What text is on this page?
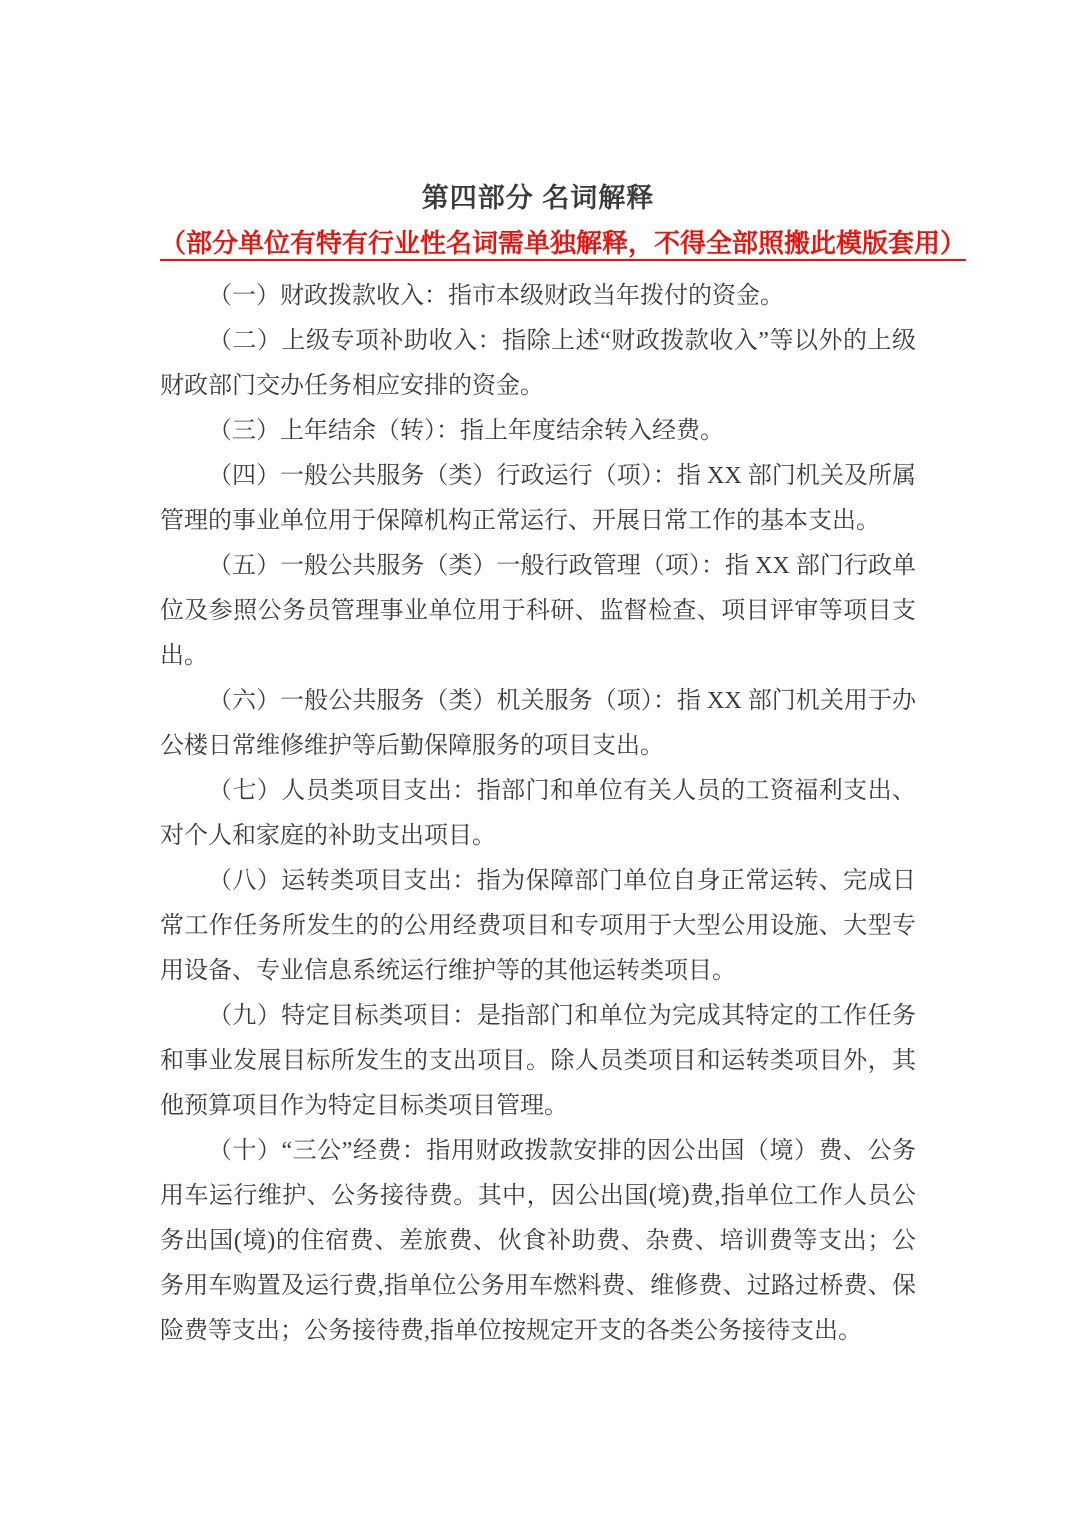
第四部分 名词解释
（部分单位有特有行业性名词需单独解释，不得全部照搬此模版套用）

（一）财政拨款收入：指市本级财政当年拨付的资金。

（二）上级专项补助收入：指除上述“财政拨款收入”等以外的上级财政部门交办任务相应安排的资金。

（三）上年结余（转）：指上年度结余转入经费。

（四）一般公共服务（类）行政运行（项）：指 XX 部门机关及所属管理的事业单位用于保障机构正常运行、开展日常工作的基本支出。

（五）一般公共服务（类）一般行政管理（项）：指 XX 部门行政单位及参照公务员管理事业单位用于科研、监督检查、项目评审等项目支出。

（六）一般公共服务（类）机关服务（项）：指 XX 部门机关用于办公楼日常维修维护等后勤保障服务的项目支出。

（七）人员类项目支出：指部门和单位有关人员的工资福利支出、对个人和家庭的补助支出项目。

（八）运转类项目支出：指为保障部门单位自身正常运转、完成日常工作任务所发生的的公用经费项目和专项用于大型公用设施、大型专用设备、专业信息系统运行维护等的其他运转类项目。

（九）特定目标类项目：是指部门和单位为完成其特定的工作任务和事业发展目标所发生的支出项目。除人员类项目和运转类项目外，其他预算项目作为特定目标类项目管理。

（十）“三公”经费：指用财政拨款安排的因公出国（境）费、公务用车运行维护、公务接待费。其中，因公出国(境)费,指单位工作人员公务出国(境)的住宿费、差旅费、伙食补助费、杂费、培训费等支出；公务用车购置及运行费,指单位公务用车燃料费、维修费、过路过桥费、保险费等支出；公务接待费,指单位按规定开支的各类公务接待支出。
